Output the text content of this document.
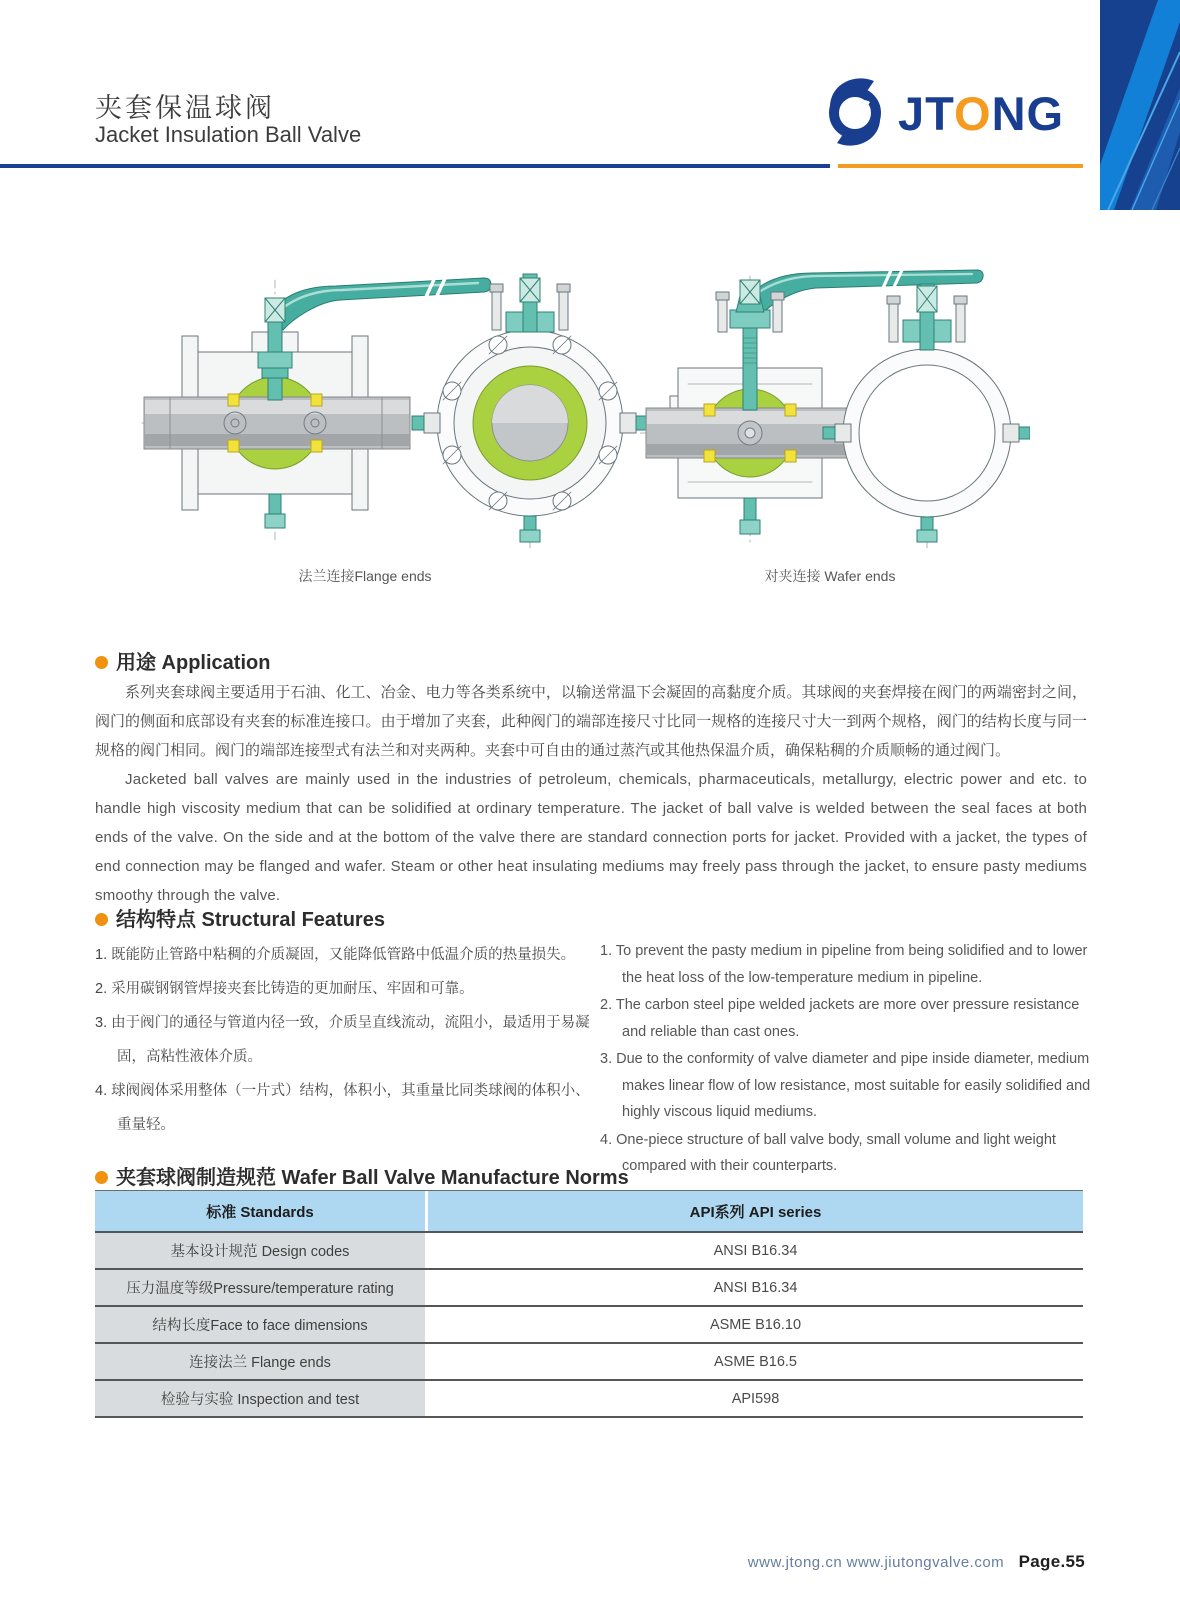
夹套保温球阀
Jacket Insulation Ball Valve	JTONG
法兰连接Flange ends	对夹连接 Wafer ends
用途 Application

系列夹套球阀主要适用于石油、化工、冶金、电力等各类系统中，以输送常温下会凝固的高黏度介质。其球阀的夹套焊接在阀门的两端密封之间，阀门的侧面和底部设有夹套的标准连接口。由于增加了夹套，此种阀门的端部连接尺寸比同一规格的连接尺寸大一到两个规格，阀门的结构长度与同一规格的阀门相同。阀门的端部连接型式有法兰和对夹两种。夹套中可自由的通过蒸汽或其他热保温介质，确保粘稠的介质顺畅的通过阀门。

Jacketed ball valves are mainly used in the industries of petroleum, chemicals, pharmaceuticals, metallurgy, electric power and etc. to handle high viscosity medium that can be solidified at ordinary temperature. The jacket of ball valve is welded between the seal faces at both ends of the valve. On the side and at the bottom of the valve there are standard connection ports for jacket. Provided with a jacket, the types of end connection may be flanged and wafer. Steam or other heat insulating mediums may freely pass through the jacket, to ensure pasty mediums smoothy through the valve.

结构特点 Structural Features
1. 既能防止管路中粘稠的介质凝固，又能降低管路中低温介质的热量损失。
2. 采用碳钢钢管焊接夹套比铸造的更加耐压、牢固和可靠。
3. 由于阀门的通径与管道内径一致，介质呈直线流动，流阻小，最适用于易凝固，高粘性液体介质。
4. 球阀阀体采用整体（一片式）结构，体积小，其重量比同类球阀的体积小、重量轻。
1. To prevent the pasty medium in pipeline from being solidified and to lower the heat loss of the low-temperature medium in pipeline.
2. The carbon steel pipe welded jackets are more over pressure resistance and reliable than cast ones.
3. Due to the conformity of valve diameter and pipe inside diameter, medium makes linear flow of low resistance, most suitable for easily solidified and highly viscous liquid mediums.
4. One-piece structure of ball valve body, small volume and light weight compared with their counterparts.
夹套球阀制造规范 Wafer Ball Valve Manufacture Norms
标准 Standards	API系列 API series
基本设计规范 Design codes	ANSI B16.34
压力温度等级Pressure/temperature rating	ANSI B16.34
结构长度Face to face dimensions	ASME B16.10
连接法兰 Flange ends	ASME B16.5
检验与实验 Inspection and test	API598
www.jtong.cn www.jiutongvalve.com Page.55
